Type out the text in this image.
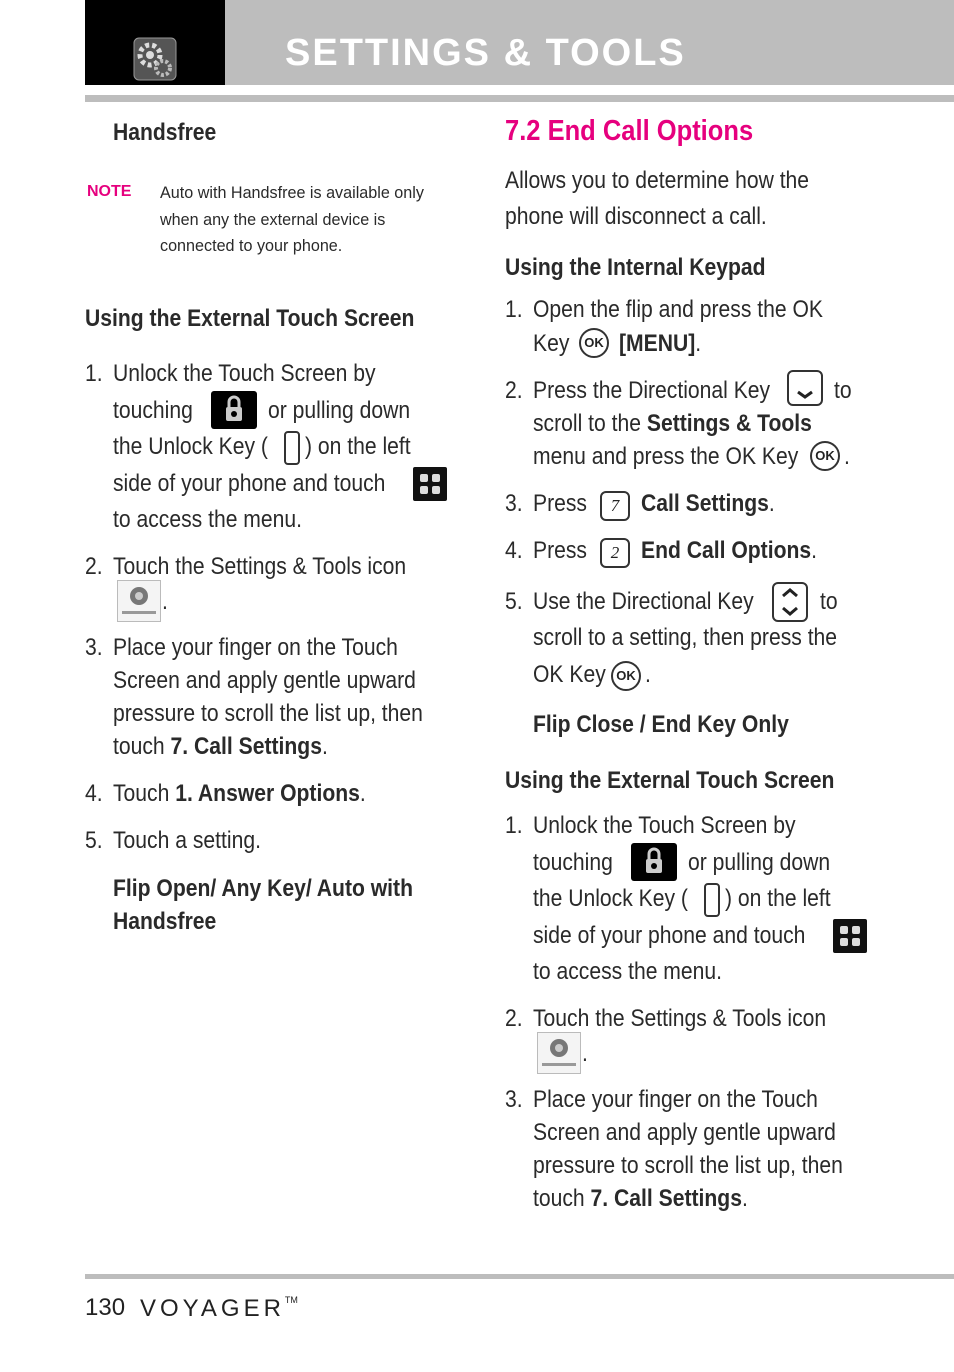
SETTINGS & TOOLS
Handsfree
NOTE Auto with Handsfree is available only
when any the external device is
connected to your phone.
Using the External Touch Screen
1. Unlock the Touch Screen by
touching	or pulling down
the Unlock Key ( ) on the left
side of your phone and touch
to access the menu.
2. Touch the Settings & Tools icon
.
3. Place your finger on the Touch
Screen and apply gentle upward
pressure to scroll the list up, then
touch 7. Call Settings.
4. Touch 1. Answer Options.
5. Touch a setting.
Flip Open/ Any Key/ Auto with
Handsfree
7.2 End Call Options
Allows you to determine how the
phone will disconnect a call.
Using the Internal Keypad
1. Open the flip and press the OK
Key	OK [MENU].
2. Press the Directional Key	to
scroll to the Settings & Tools
menu and press the OK Key	OK .
3. Press	7 Call Settings.
4. Press	2 End Call Options.
5. Use the Directional Key	to
scroll to a setting, then press the
OK Key OK .
Flip Close / End Key Only
Using the External Touch Screen
1. Unlock the Touch Screen by
touching	or pulling down
the Unlock Key ( ) on the left
side of your phone and touch
to access the menu.
2. Touch the Settings & Tools icon
.
3. Place your finger on the Touch
Screen and apply gentle upward
pressure to scroll the list up, then
touch 7. Call Settings.
130 VOYAGER™
